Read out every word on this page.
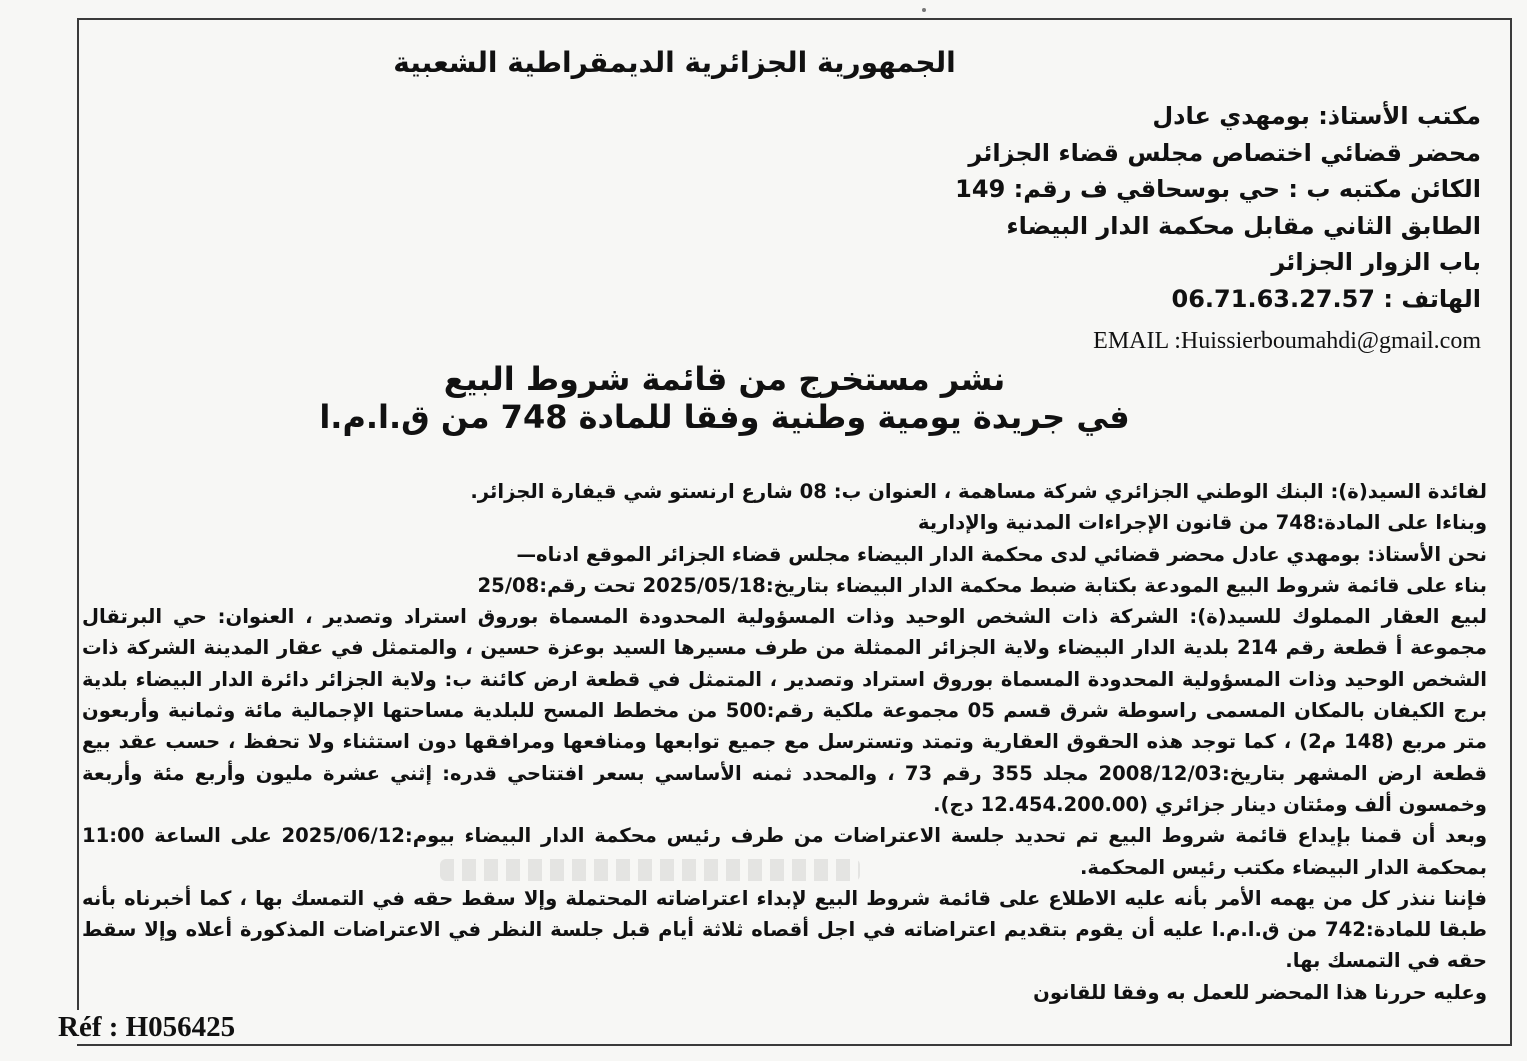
الجمهورية الجزائرية الديمقراطية الشعبية
مكتب الأستاذ: بومهدي عادل
محضر قضائي اختصاص مجلس قضاء الجزائر
الكائن مكتبه ب : حي بوسحاقي ف رقم: 149
الطابق الثاني مقابل محكمة الدار البيضاء
باب الزوار الجزائر
الهاتف : 06.71.63.27.57
EMAIL :Huissierboumahdi@gmail.com
نشر مستخرج من قائمة شروط البيع
في جريدة يومية وطنية وفقا للمادة 748 من ق.ا.م.ا

لفائدة السيد(ة): البنك الوطني الجزائري شركة مساهمة ، العنوان ب: 08 شارع ارنستو شي قيفارة الجزائر.

وبناءا على المادة:748 من قانون الإجراءات المدنية والإدارية

نحن الأستاذ: بومهدي عادل محضر قضائي لدى محكمة الدار البيضاء مجلس قضاء الجزائر الموقع ادناه—

بناء على قائمة شروط البيع المودعة بكتابة ضبط محكمة الدار البيضاء بتاريخ:2025/05/18 تحت رقم:25/08

لبيع العقار المملوك للسيد(ة): الشركة ذات الشخص الوحيد وذات المسؤولية المحدودة المسماة بوروق استراد وتصدير ، العنوان: حي البرتقال مجموعة أ قطعة رقم 214 بلدية الدار البيضاء ولاية الجزائر الممثلة من طرف مسيرها السيد بوعزة حسين ، والمتمثل في عقار المدينة الشركة ذات الشخص الوحيد وذات المسؤولية المحدودة المسماة بوروق استراد وتصدير ، المتمثل في قطعة ارض كائنة ب: ولاية الجزائر دائرة الدار البيضاء بلدية برج الكيفان بالمكان المسمى راسوطة شرق قسم 05 مجموعة ملكية رقم:500 من مخطط المسح للبلدية مساحتها الإجمالية مائة وثمانية وأربعون متر مربع (148 م2) ، كما توجد هذه الحقوق العقارية وتمتد وتسترسل مع جميع توابعها ومنافعها ومرافقها دون استثناء ولا تحفظ ، حسب عقد بيع قطعة ارض المشهر بتاريخ:2008/12/03 مجلد 355 رقم 73 ، والمحدد ثمنه الأساسي بسعر افتتاحي قدره: إثني عشرة مليون وأربع مئة وأربعة وخمسون ألف ومئتان دينار جزائري (12.454.200.00 دج).

وبعد أن قمنا بإيداع قائمة شروط البيع تم تحديد جلسة الاعتراضات من طرف رئيس محكمة الدار البيضاء بيوم:2025/06/12 على الساعة 11:00 بمحكمة الدار البيضاء مكتب رئيس المحكمة.

فإننا ننذر كل من يهمه الأمر بأنه عليه الاطلاع على قائمة شروط البيع لإبداء اعتراضاته المحتملة وإلا سقط حقه في التمسك بها ، كما أخبرناه بأنه طبقا للمادة:742 من ق.ا.م.ا عليه أن يقوم بتقديم اعتراضاته في اجل أقصاه ثلاثة أيام قبل جلسة النظر في الاعتراضات المذكورة أعلاه وإلا سقط حقه في التمسك بها.

وعليه حررنا هذا المحضر للعمل به وفقا للقانون

Réf : H056425
